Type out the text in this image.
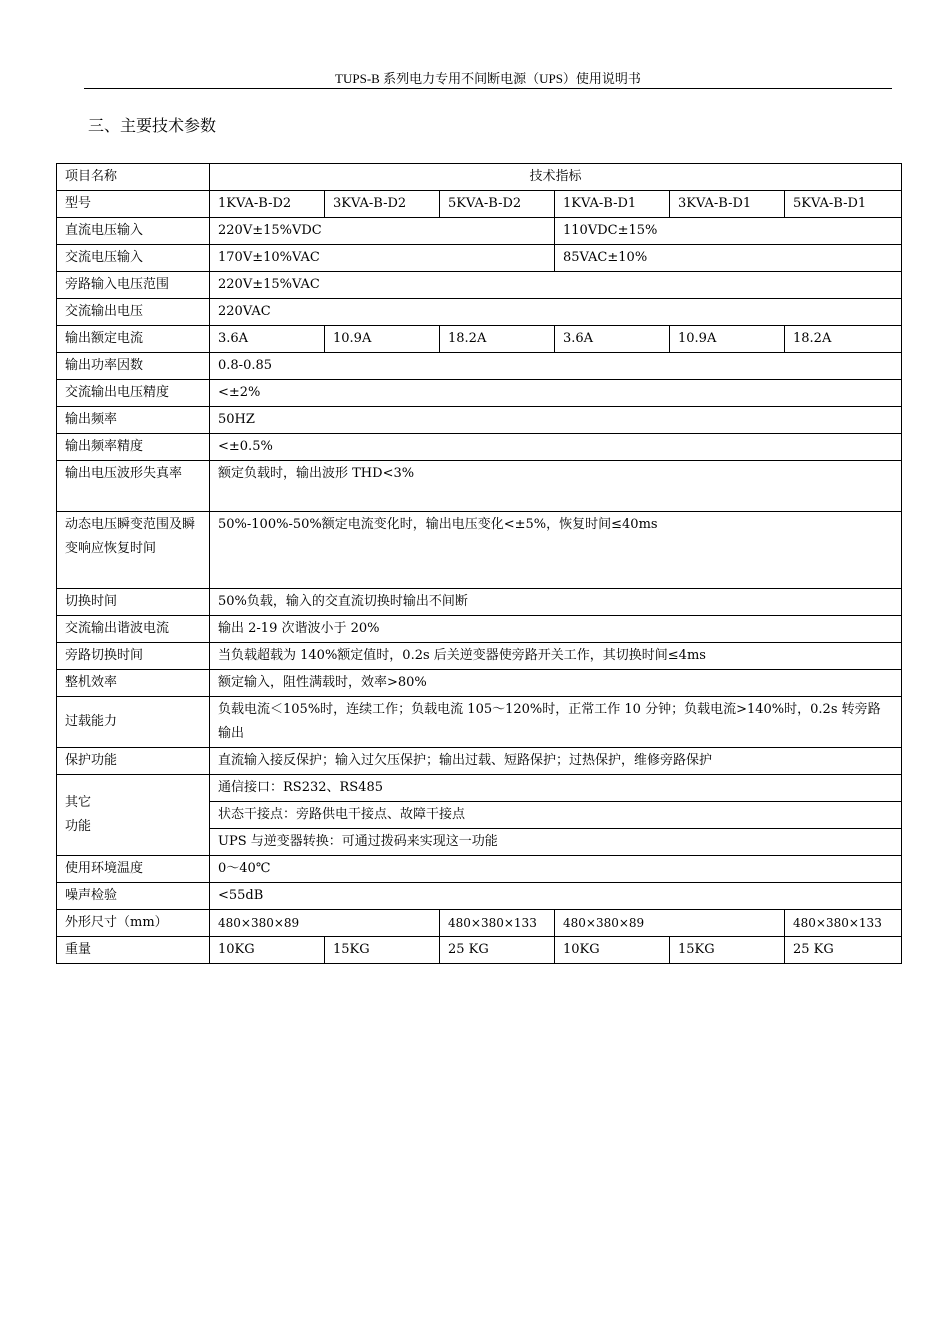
TUPS-B 系列电力专用不间断电源（UPS）使用说明书
三、主要技术参数
项目名称	技术指标					
型号	1KVA-B-D2	3KVA-B-D2	5KVA-B-D2	1KVA-B-D1	3KVA-B-D1	5KVA-B-D1
直流电压输入	220V±15%VDC			110VDC±15%		
交流电压输入	170V±10%VAC			85VAC±10%		
旁路输入电压范围	220V±15%VAC					
交流输出电压	220VAC					
输出额定电流	3.6A	10.9A	18.2A	3.6A	10.9A	18.2A
输出功率因数	0.8-0.85					
交流输出电压精度	<±2%					
输出频率	50HZ					
输出频率精度	<±0.5%					
输出电压波形失真率	额定负载时，输出波形 THD<3%					
动态电压瞬变范围及瞬变响应恢复时间	50%-100%-50%额定电流变化时，输出电压变化<±5%，恢复时间≤40ms					
切换时间	50%负载，输入的交直流切换时输出不间断					
交流输出谐波电流	输出 2-19 次谐波小于 20%					
旁路切换时间	当负载超载为 140%额定值时，0.2s 后关逆变器使旁路开关工作，其切换时间≤4ms					
整机效率	额定输入，阻性满载时，效率>80%					
过载能力	负载电流＜105%时，连续工作；负载电流 105～120%时，正常工作 10 分钟；负载电流>140%时，0.2s 转旁路输出					
保护功能	直流输入接反保护；输入过欠压保护；输出过载、短路保护；过热保护，维修旁路保护					
其它
功能	通信接口：RS232、RS485					
	状态干接点：旁路供电干接点、故障干接点					
	UPS 与逆变器转换：可通过拨码来实现这一功能					
使用环境温度	0～40℃					
噪声检验	<55dB					
外形尺寸（mm）	480×380×89		480×380×133	480×380×89		480×380×133
重量	10KG	15KG	25 KG	10KG	15KG	25 KG
